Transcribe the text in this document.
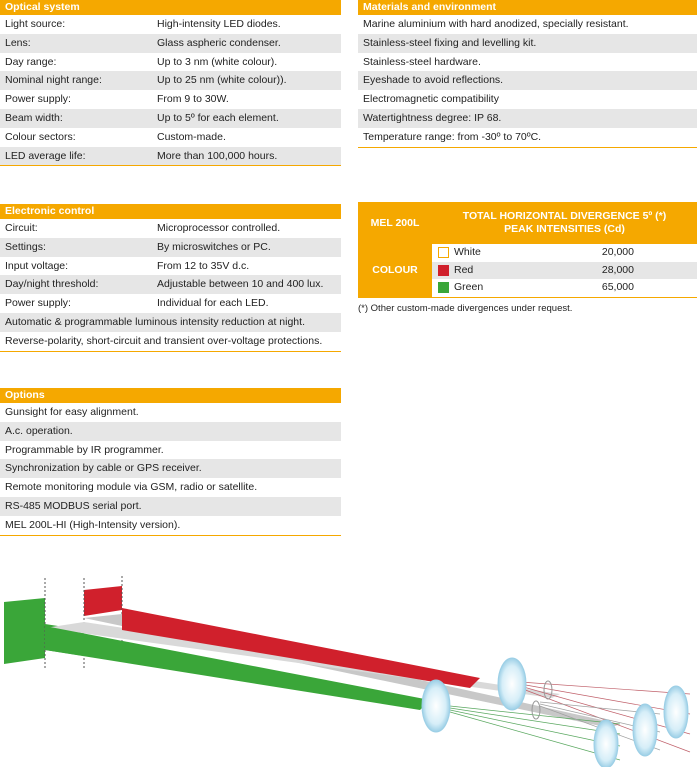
Optical system
Light source:	High-intensity LED diodes.
Lens:	Glass aspheric condenser.
Day range:	Up to 3 nm (white colour).
Nominal night range:	Up to 25 nm (white colour)).
Power supply:	From 9 to 30W.
Beam width:	Up to 5º for each element.
Colour sectors:	Custom-made.
LED average life:	More than 100,000 hours.
Materials and environment
Marine aluminium with hard anodized, specially resistant.
Stainless-steel fixing and levelling kit.
Stainless-steel hardware.
Eyeshade to avoid reflections.
Electromagnetic compatibility
Watertightness degree: IP 68.
Temperature range: from -30º to 70ºC.
Electronic control
Circuit:	Microprocessor controlled.
Settings:	By microswitches or PC.
Input voltage:	From 12 to 35V d.c.
Day/night threshold:	Adjustable between 10 and 400 lux.
Power supply:	Individual for each LED.
Automatic & programmable luminous intensity reduction at night.
Reverse-polarity, short-circuit and transient over-voltage protections.
Options
Gunsight for easy alignment.
A.c. operation.
Programmable by IR programmer.
Synchronization by cable or GPS receiver.
Remote monitoring module via GSM, radio or satellite.
RS-485 MODBUS serial port.
MEL 200L-HI (High-Intensity version).
MEL 200L
TOTAL HORIZONTAL DIVERGENCE 5º (*)
PEAK INTENSITIES (Cd)
COLOUR
White	20,000
Red	28,000
Green	65,000
(*) Other custom-made divergences under request.
